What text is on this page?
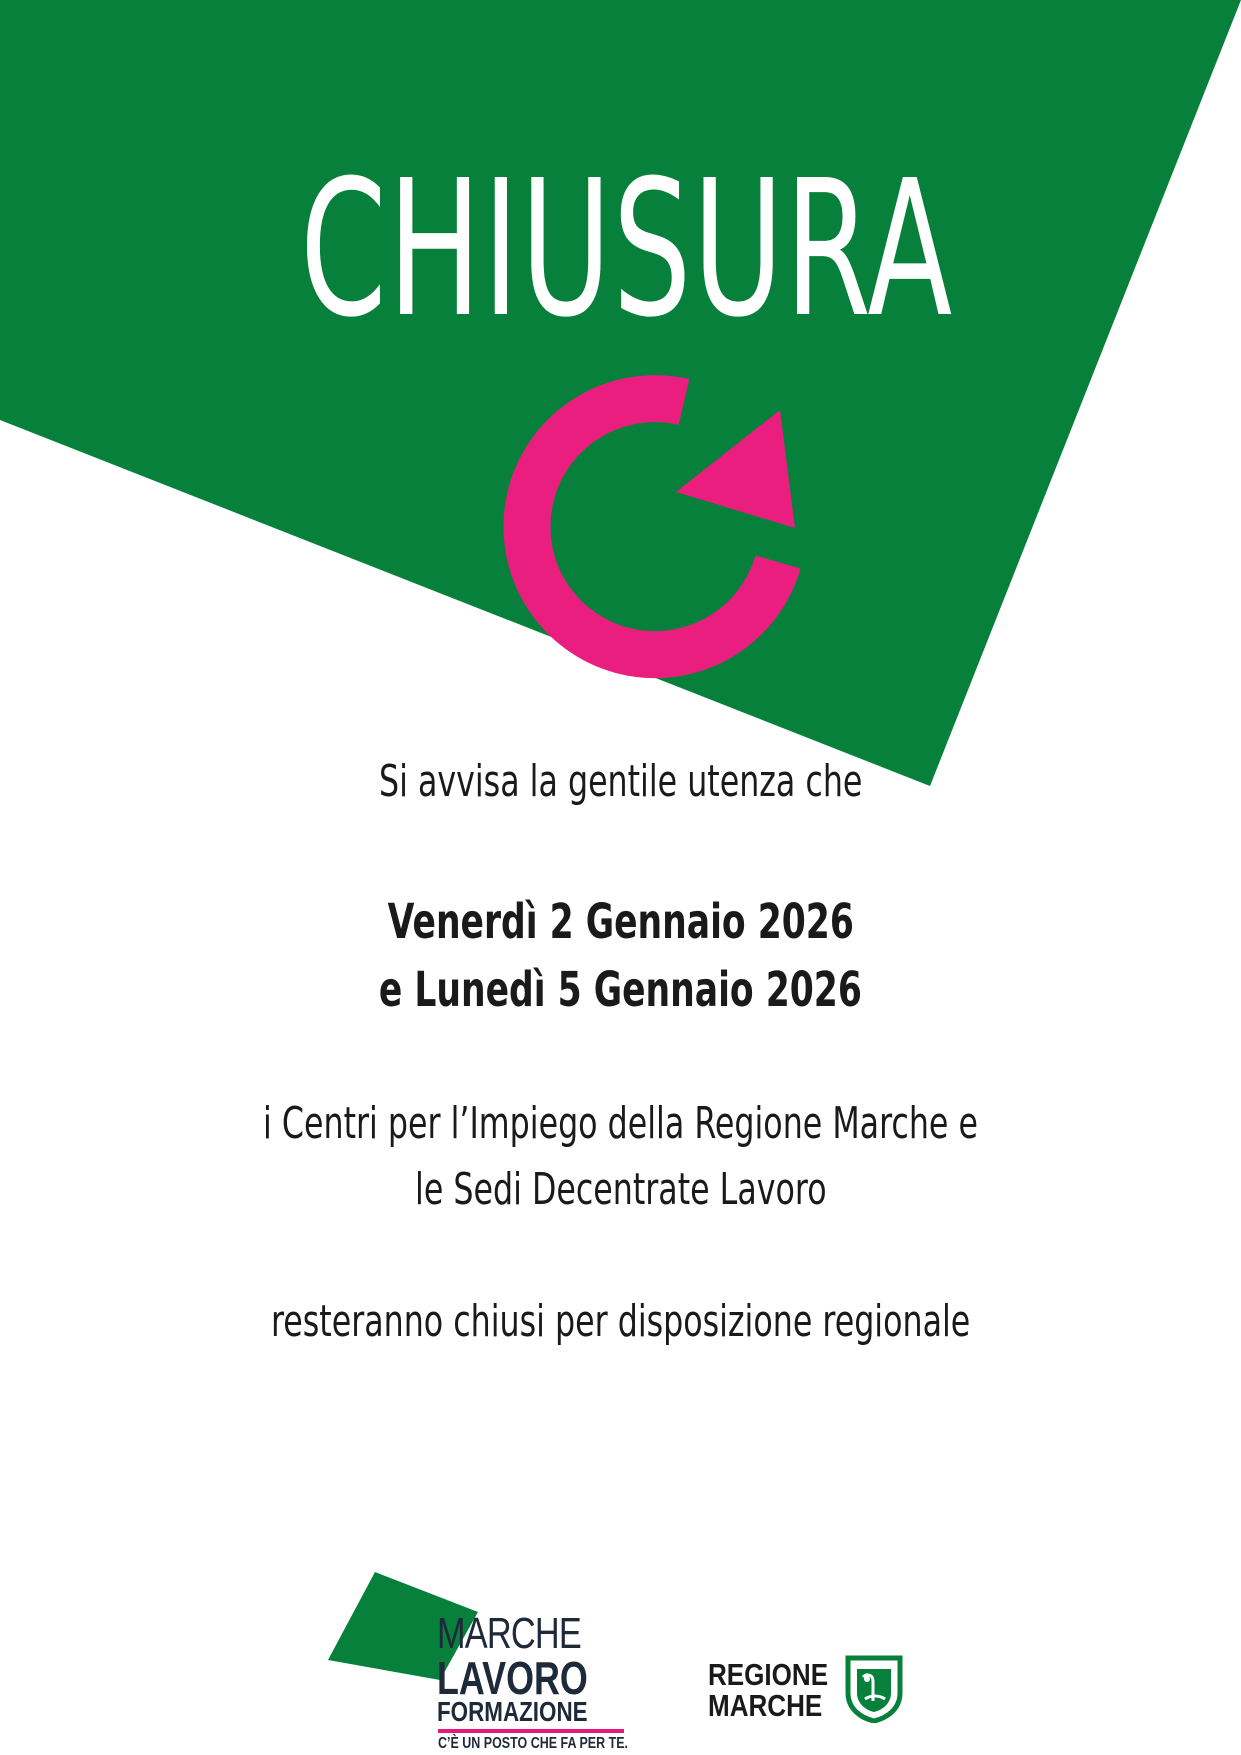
CHIUSURA
Si avvisa la gentile utenza che
Venerdì 2 Gennaio 2026
e Lunedì 5 Gennaio 2026
i Centri per l’Impiego della Regione Marche e
le Sedi Decentrate Lavoro
resteranno chiusi per disposizione regionale
MARCHE
LAVORO
FORMAZIONE
C’È UN POSTO CHE FA PER TE.
REGIONE
MARCHE
